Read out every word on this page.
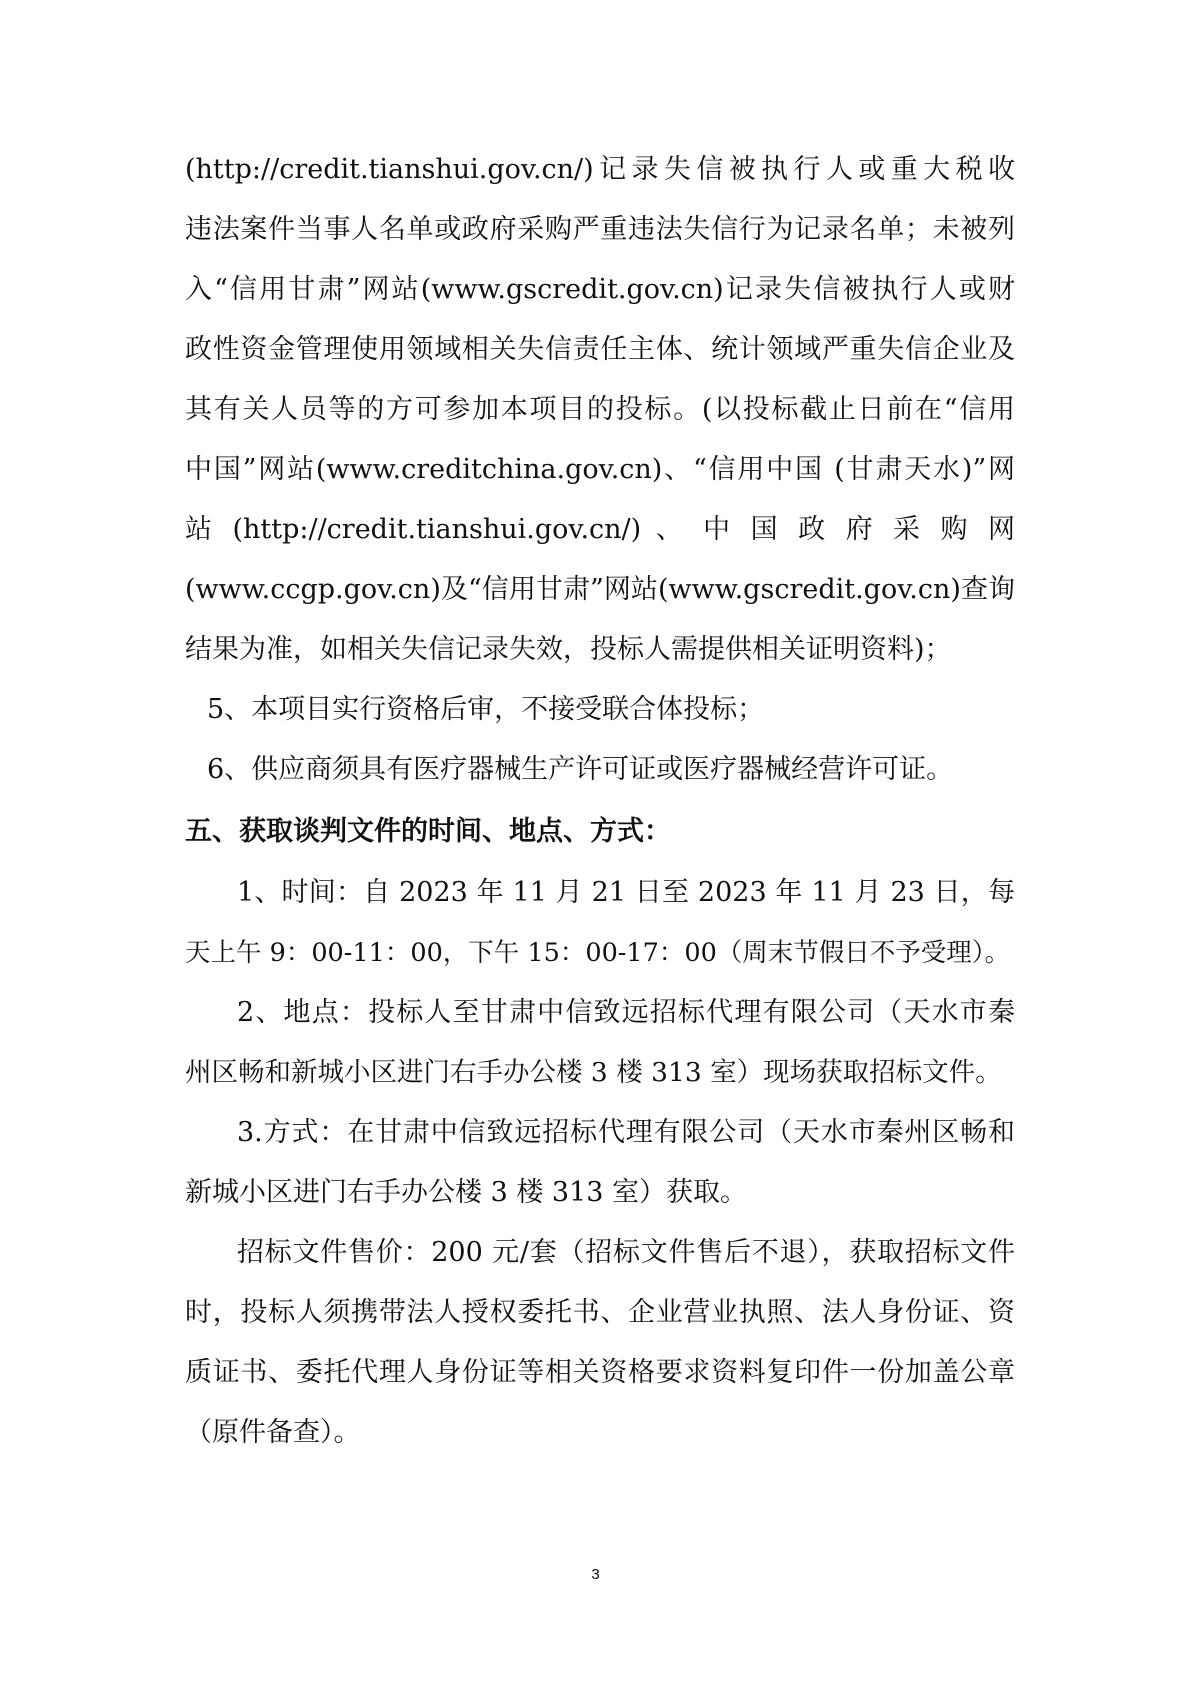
(http://credit.tianshui.gov.cn/)记录失信被执行人或重大税收
违法案件当事人名单或政府采购严重违法失信行为记录名单；未被列
入“信用甘肃”网站(www.gscredit.gov.cn)记录失信被执行人或财
政性资金管理使用领域相关失信责任主体、统计领域严重失信企业及
其有关人员等的方可参加本项目的投标。(以投标截止日前在“信用
中国”网站(www.creditchina.gov.cn)、“信用中国 (甘肃天水)”网
站 (http://credit.tianshui.gov.cn/) 、 中 国 政 府 采 购 网
(www.ccgp.gov.cn)及“信用甘肃”网站(www.gscredit.gov.cn)查询
结果为准，如相关失信记录失效，投标人需提供相关证明资料)；
5、本项目实行资格后审，不接受联合体投标；
6、供应商须具有医疗器械生产许可证或医疗器械经营许可证。
五、获取谈判文件的时间、地点、方式：
1、时间：自 2023 年 11 月 21 日至 2023 年 11 月 23 日，每
天上午 9：00-11：00，下午 15：00-17：00（周末节假日不予受理）。
2、地点：投标人至甘肃中信致远招标代理有限公司（天水市秦
州区畅和新城小区进门右手办公楼 3 楼 313 室）现场获取招标文件。
3.方式：在甘肃中信致远招标代理有限公司（天水市秦州区畅和
新城小区进门右手办公楼 3 楼 313 室）获取。
招标文件售价：200 元/套（招标文件售后不退），获取招标文件
时，投标人须携带法人授权委托书、企业营业执照、法人身份证、资
质证书、委托代理人身份证等相关资格要求资料复印件一份加盖公章
（原件备查）。
3
